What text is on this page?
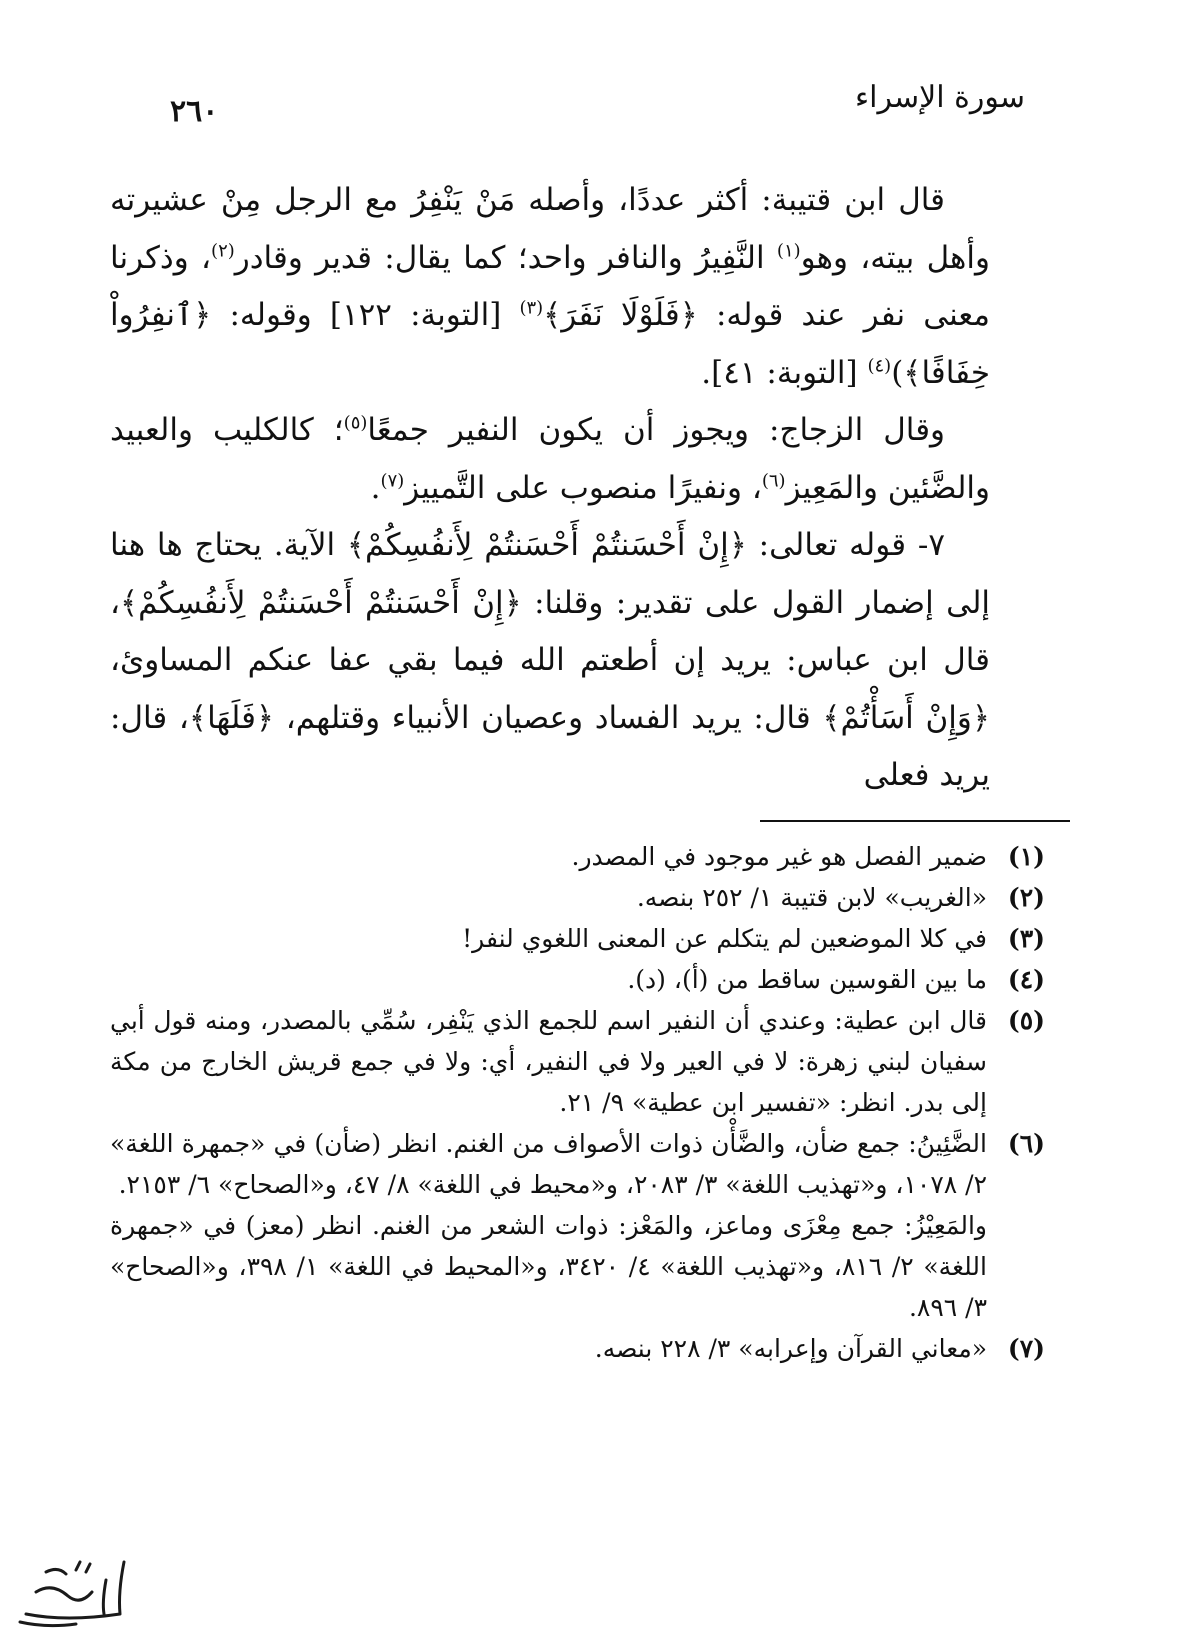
سورة الإسراء
٢٦٠

قال ابن قتيبة: أكثر عددًا، وأصله مَنْ يَنْفِرُ مع الرجل مِنْ عشيرته وأهل بيته، وهو$^{(١)}$ النَّفِيرُ والنافر واحد؛ كما يقال: قدير وقادر$^{(٢)}$، وذكرنا معنى نفر عند قوله: ﴿فَلَوْلَا نَفَرَ﴾$^{(٣)}$ [التوبة: ١٢٢] وقوله: ﴿ٱنفِرُواْ خِفَافًا﴾)$^{(٤)}$ [التوبة: ٤١].

وقال الزجاج: ويجوز أن يكون النفير جمعًا$^{(٥)}$؛ كالكليب والعبيد والضَّئين والمَعِيز$^{(٦)}$، ونفيرًا منصوب على التَّمييز$^{(٧)}$.

٧- قوله تعالى: ﴿إِنْ أَحْسَنتُمْ أَحْسَنتُمْ لِأَنفُسِكُمْ﴾ الآية. يحتاج ها هنا إلى إضمار القول على تقدير: وقلنا: ﴿إِنْ أَحْسَنتُمْ أَحْسَنتُمْ لِأَنفُسِكُمْ﴾، قال ابن عباس: يريد إن أطعتم الله فيما بقي عفا عنكم المساوئ، ﴿وَإِنْ أَسَأْتُمْ﴾ قال: يريد الفساد وعصيان الأنبياء وقتلهم، ﴿فَلَهَا﴾، قال: يريد فعلى

(١)

ضمير الفصل هو غير موجود في المصدر.

(٢)

«الغريب» لابن قتيبة ١/ ٢٥٢ بنصه.

(٣)

في كلا الموضعين لم يتكلم عن المعنى اللغوي لنفر!

(٤)

ما بين القوسين ساقط من (أ)، (د).

(٥)

قال ابن عطية: وعندي أن النفير اسم للجمع الذي يَنْفِر، سُمِّي بالمصدر، ومنه قول أبي سفيان لبني زهرة: لا في العير ولا في النفير، أي: ولا في جمع قريش الخارج من مكة إلى بدر. انظر: «تفسير ابن عطية» ٩/ ٢١.

(٦)

الضَّئِينُ: جمع ضأن، والضَّأْن ذوات الأصواف من الغنم. انظر (ضأن) في «جمهرة اللغة» ٢/ ١٠٧٨، و«تهذيب اللغة» ٣/ ٢٠٨٣، و«محيط في اللغة» ٨/ ٤٧، و«الصحاح» ٦/ ٢١٥٣.

والمَعِيْزُ: جمع مِعْزَى وماعز، والمَعْز: ذوات الشعر من الغنم. انظر (معز) في «جمهرة اللغة» ٢/ ٨١٦، و«تهذيب اللغة» ٤/ ٣٤٢٠، و«المحيط في اللغة» ١/ ٣٩٨، و«الصحاح» ٣/ ٨٩٦.

(٧)

«معاني القرآن وإعرابه» ٣/ ٢٢٨ بنصه.
